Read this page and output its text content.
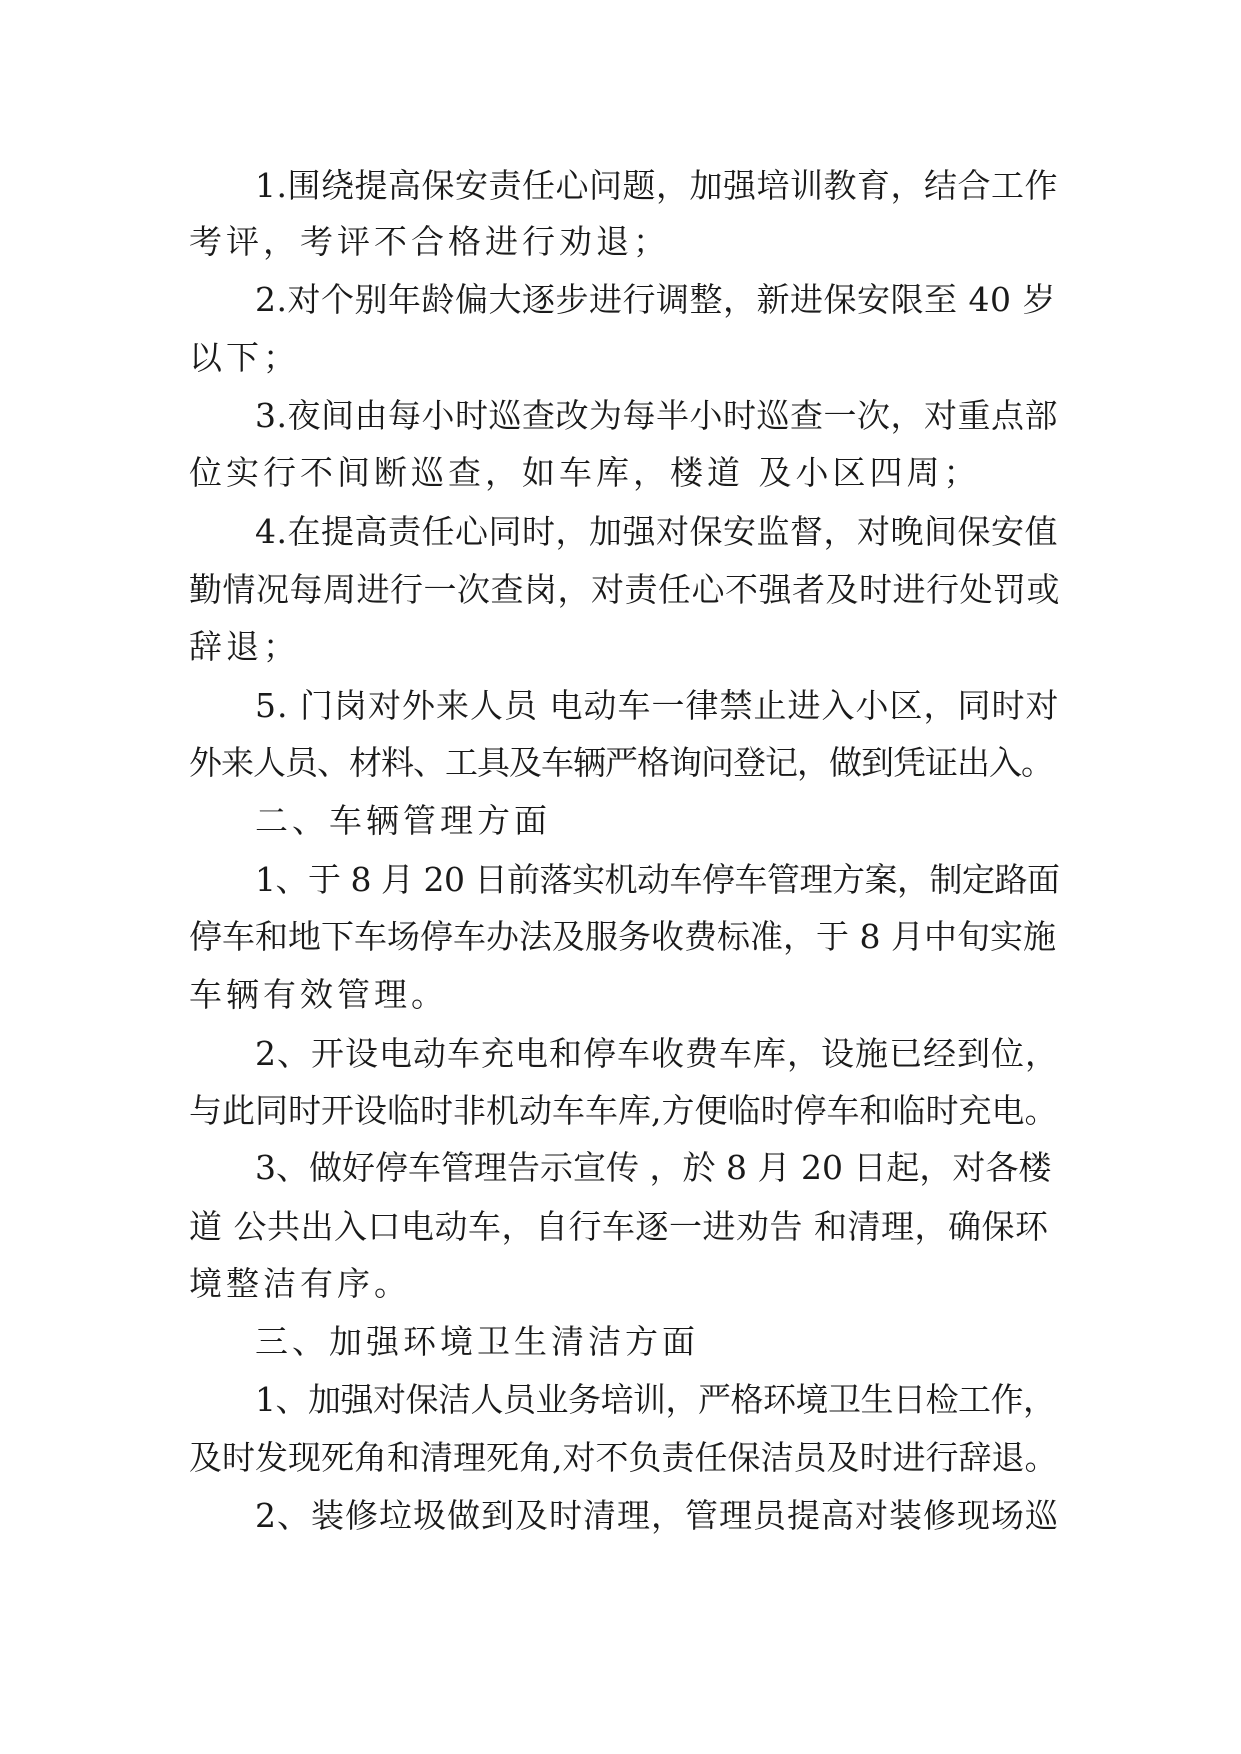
1.围绕提高保安责任心问题，加强培训教育，结合工作
考评，考评不合格进行劝退；
2.对个别年龄偏大逐步进行调整，新进保安限至 40 岁
以下；
3.夜间由每小时巡查改为每半小时巡查一次，对重点部
位实行不间断巡查，如车库，楼道 及小区四周；
4.在提高责任心同时，加强对保安监督，对晚间保安值
勤情况每周进行一次查岗，对责任心不强者及时进行处罚或
辞退；
5. 门岗对外来人员 电动车一律禁止进入小区，同时对
外来人员、材料、工具及车辆严格询问登记，做到凭证出入。
二、车辆管理方面
1、于 8 月 20 日前落实机动车停车管理方案，制定路面
停车和地下车场停车办法及服务收费标准，于 8 月中旬实施
车辆有效管理。
2、开设电动车充电和停车收费车库，设施已经到位，
与此同时开设临时非机动车车库,方便临时停车和临时充电。
3、做好停车管理告示宣传 ，於 8 月 20 日起，对各楼
道 公共出入口电动车，自行车逐一进劝告 和清理，确保环
境整洁有序。
三、加强环境卫生清洁方面
1、加强对保洁人员业务培训，严格环境卫生日检工作，
及时发现死角和清理死角,对不负责任保洁员及时进行辞退。
2、装修垃圾做到及时清理，管理员提高对装修现场巡
